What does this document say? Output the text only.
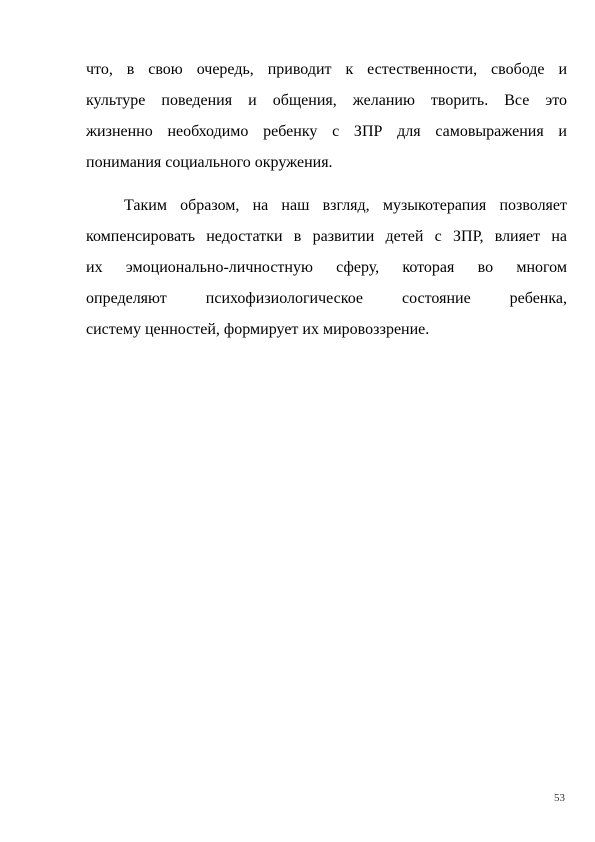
что, в свою очередь, приводит к естественности, свободе и
культуре поведения и общения, желанию творить. Все это
жизненно необходимо ребенку с ЗПР для самовыражения и
понимания социального окружения.
Таким образом, на наш взгляд, музыкотерапия позволяет
компенсировать недостатки в развитии детей с ЗПР, влияет на
их эмоционально-личностную сферу, которая во многом
определяют психофизиологическое состояние ребенка,
систему ценностей, формирует их мировоззрение.
53
